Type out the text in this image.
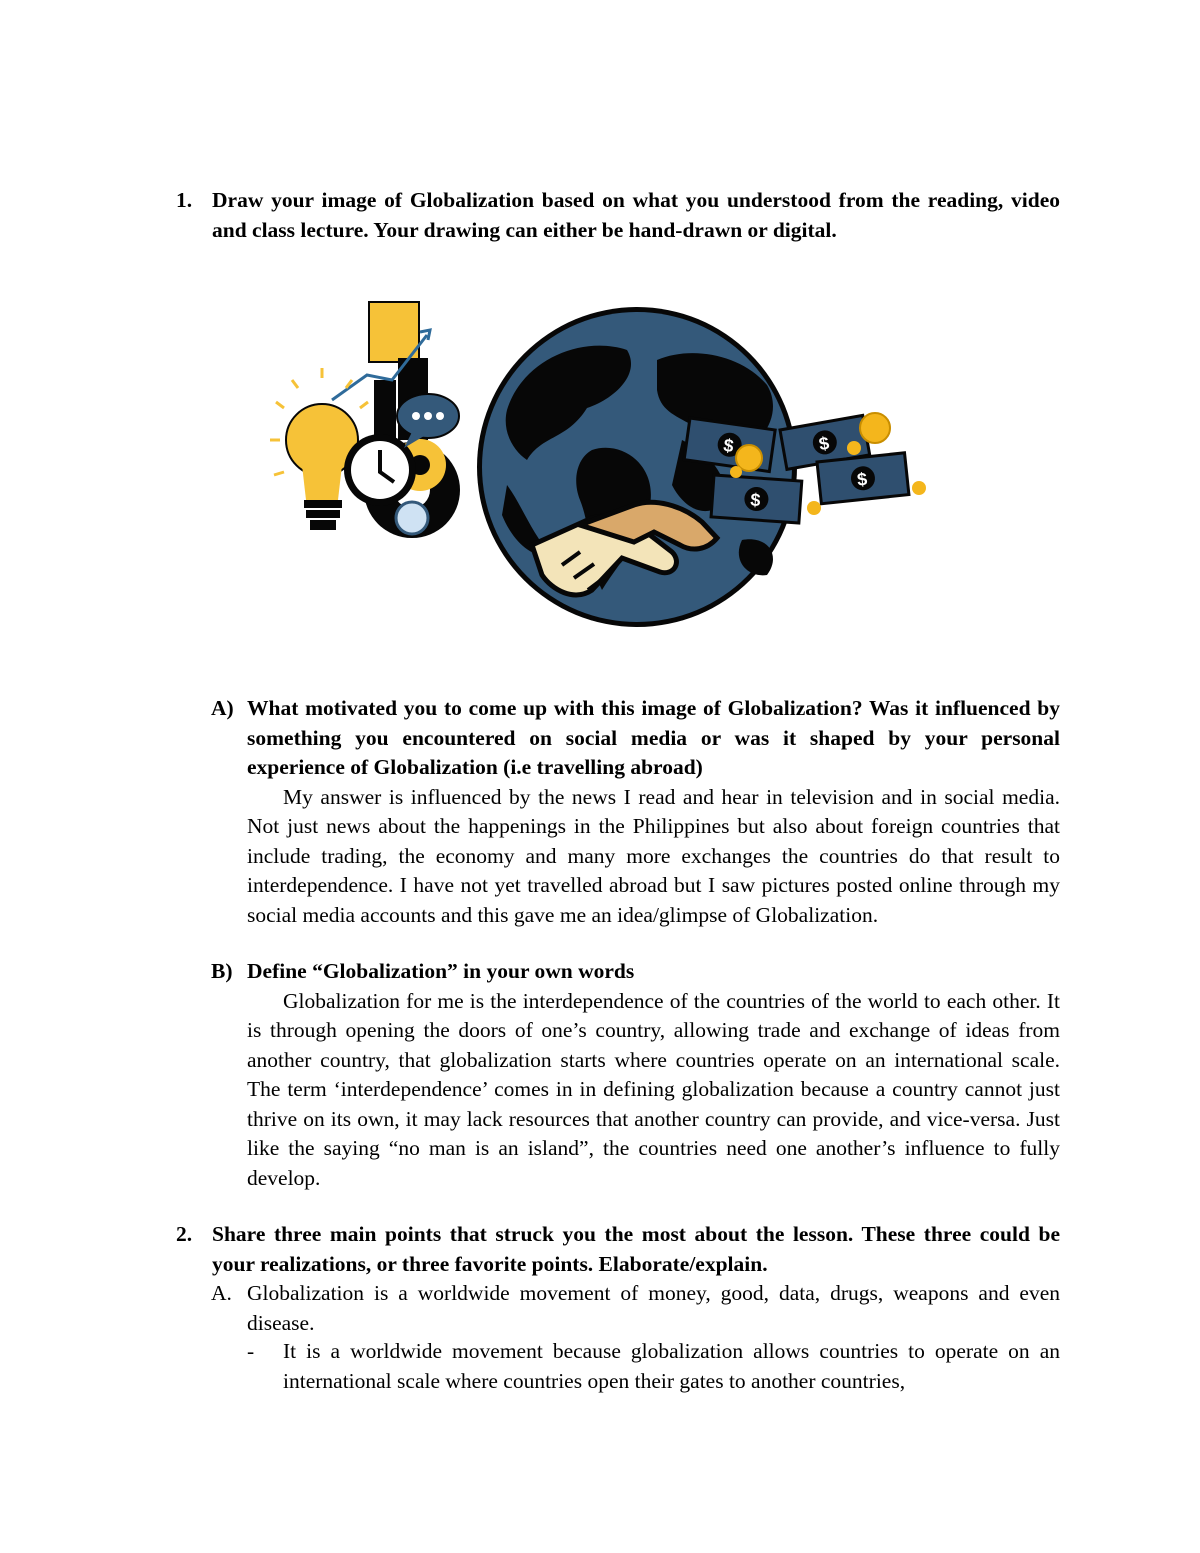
1. Draw your image of Globalization based on what you understood from the reading, video and class lecture. Your drawing can either be hand-drawn or digital.
$	$
$
$
A) What motivated you to come up with this image of Globalization? Was it influenced by something you encountered on social media or was it shaped by your personal experience of Globalization (i.e travelling abroad)
My answer is influenced by the news I read and hear in television and in social media. Not just news about the happenings in the Philippines but also about foreign countries that include trading, the economy and many more exchanges the countries do that result to interdependence. I have not yet travelled abroad but I saw pictures posted online through my social media accounts and this gave me an idea/glimpse of Globalization.
B) Define “Globalization” in your own words
Globalization for me is the interdependence of the countries of the world to each other. It is through opening the doors of one’s country, allowing trade and exchange of ideas from another country, that globalization starts where countries operate on an international scale. The term ‘interdependence’ comes in in defining globalization because a country cannot just thrive on its own, it may lack resources that another country can provide, and vice-versa. Just like the saying “no man is an island”, the countries need one another’s influence to fully develop.
2. Share three main points that struck you the most about the lesson. These three could be your realizations, or three favorite points. Elaborate/explain.
A. Globalization is a worldwide movement of money, good, data, drugs, weapons and even disease.
- It is a worldwide movement because globalization allows countries to operate on an international scale where countries open their gates to another countries,
